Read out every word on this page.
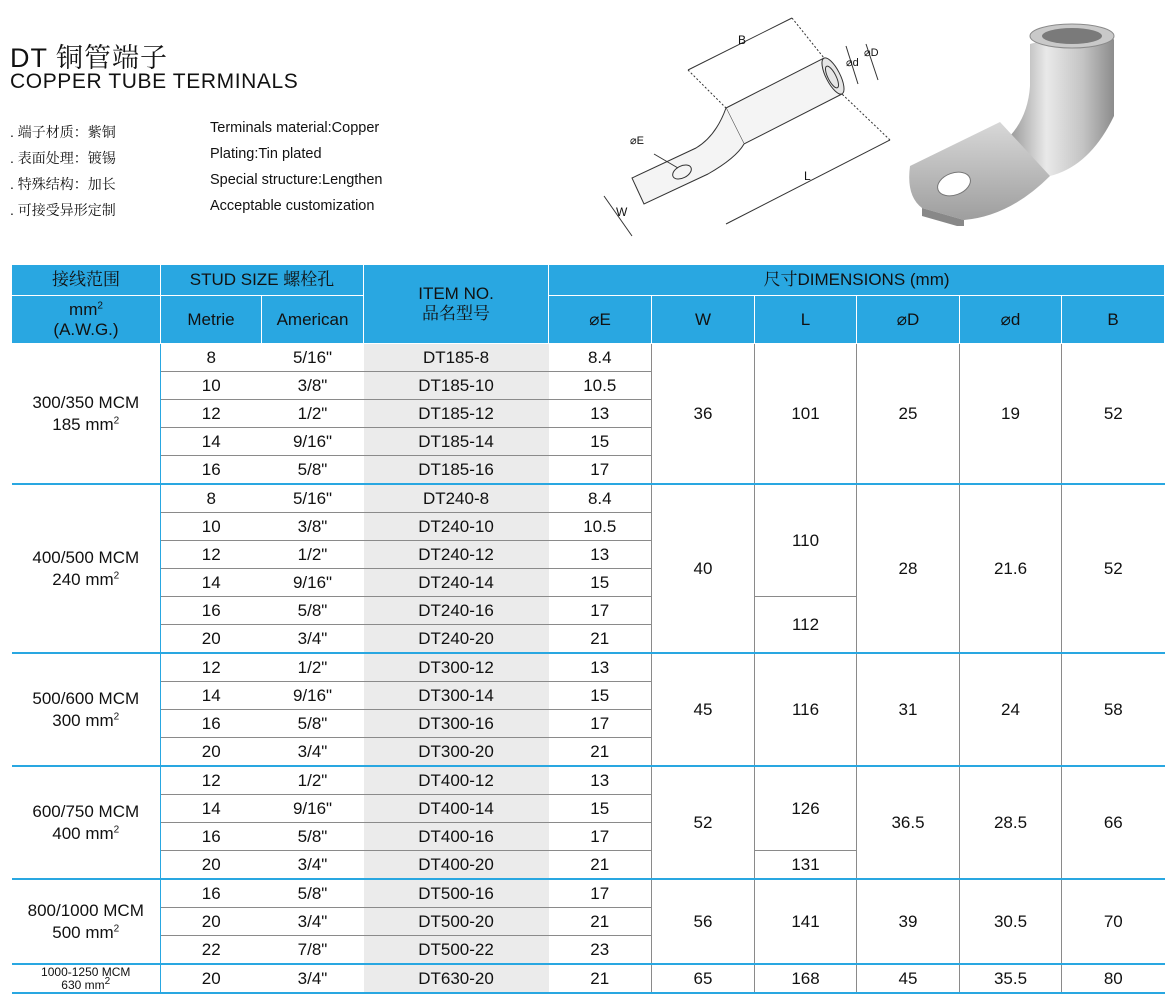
DT 铜管端子
COPPER TUBE TERMINALS
. 端子材质：紫铜	Terminals material:Copper
. 表面处理：镀锡	Plating:Tin plated
. 特殊结构：加长	Special structure:Lengthen
. 可接受异形定制	Acceptable customization
B
⌀d
⌀D
⌀E
L
W
接线范围	STUD SIZE 螺栓孔		ITEM NO.
品名型号	尺寸DIMENSIONS (mm)					
$mm^2$
(A.W.G.)	Metrie	American		⌀E	W	L	⌀D	⌀d	B
300/350 MCM
185 $mm^2$	8	5/16"	DT185-8	8.4	36	101	25	19	52
	10	3/8"	DT185-10	10.5					
	12	1/2"	DT185-12	13					
	14	9/16"	DT185-14	15					
	16	5/8"	DT185-16	17					
400/500 MCM
240 $mm^2$	8	5/16"	DT240-8	8.4	40	110	28	21.6	52
	10	3/8"	DT240-10	10.5					
	12	1/2"	DT240-12	13					
	14	9/16"	DT240-14	15					
	16	5/8"	DT240-16	17		112			
	20	3/4"	DT240-20	21					
500/600 MCM
300 $mm^2$	12	1/2"	DT300-12	13	45	116	31	24	58
	14	9/16"	DT300-14	15					
	16	5/8"	DT300-16	17					
	20	3/4"	DT300-20	21					
600/750 MCM
400 $mm^2$	12	1/2"	DT400-12	13	52	126	36.5	28.5	66
	14	9/16"	DT400-14	15					
	16	5/8"	DT400-16	17					
	20	3/4"	DT400-20	21		131			
800/1000 MCM
500 $mm^2$	16	5/8"	DT500-16	17	56	141	39	30.5	70
	20	3/4"	DT500-20	21					
	22	7/8"	DT500-22	23					

1000-1250 MCM
630 $mm^2$	20	3/4"	DT630-20	21	65	168	45	35.5	80
